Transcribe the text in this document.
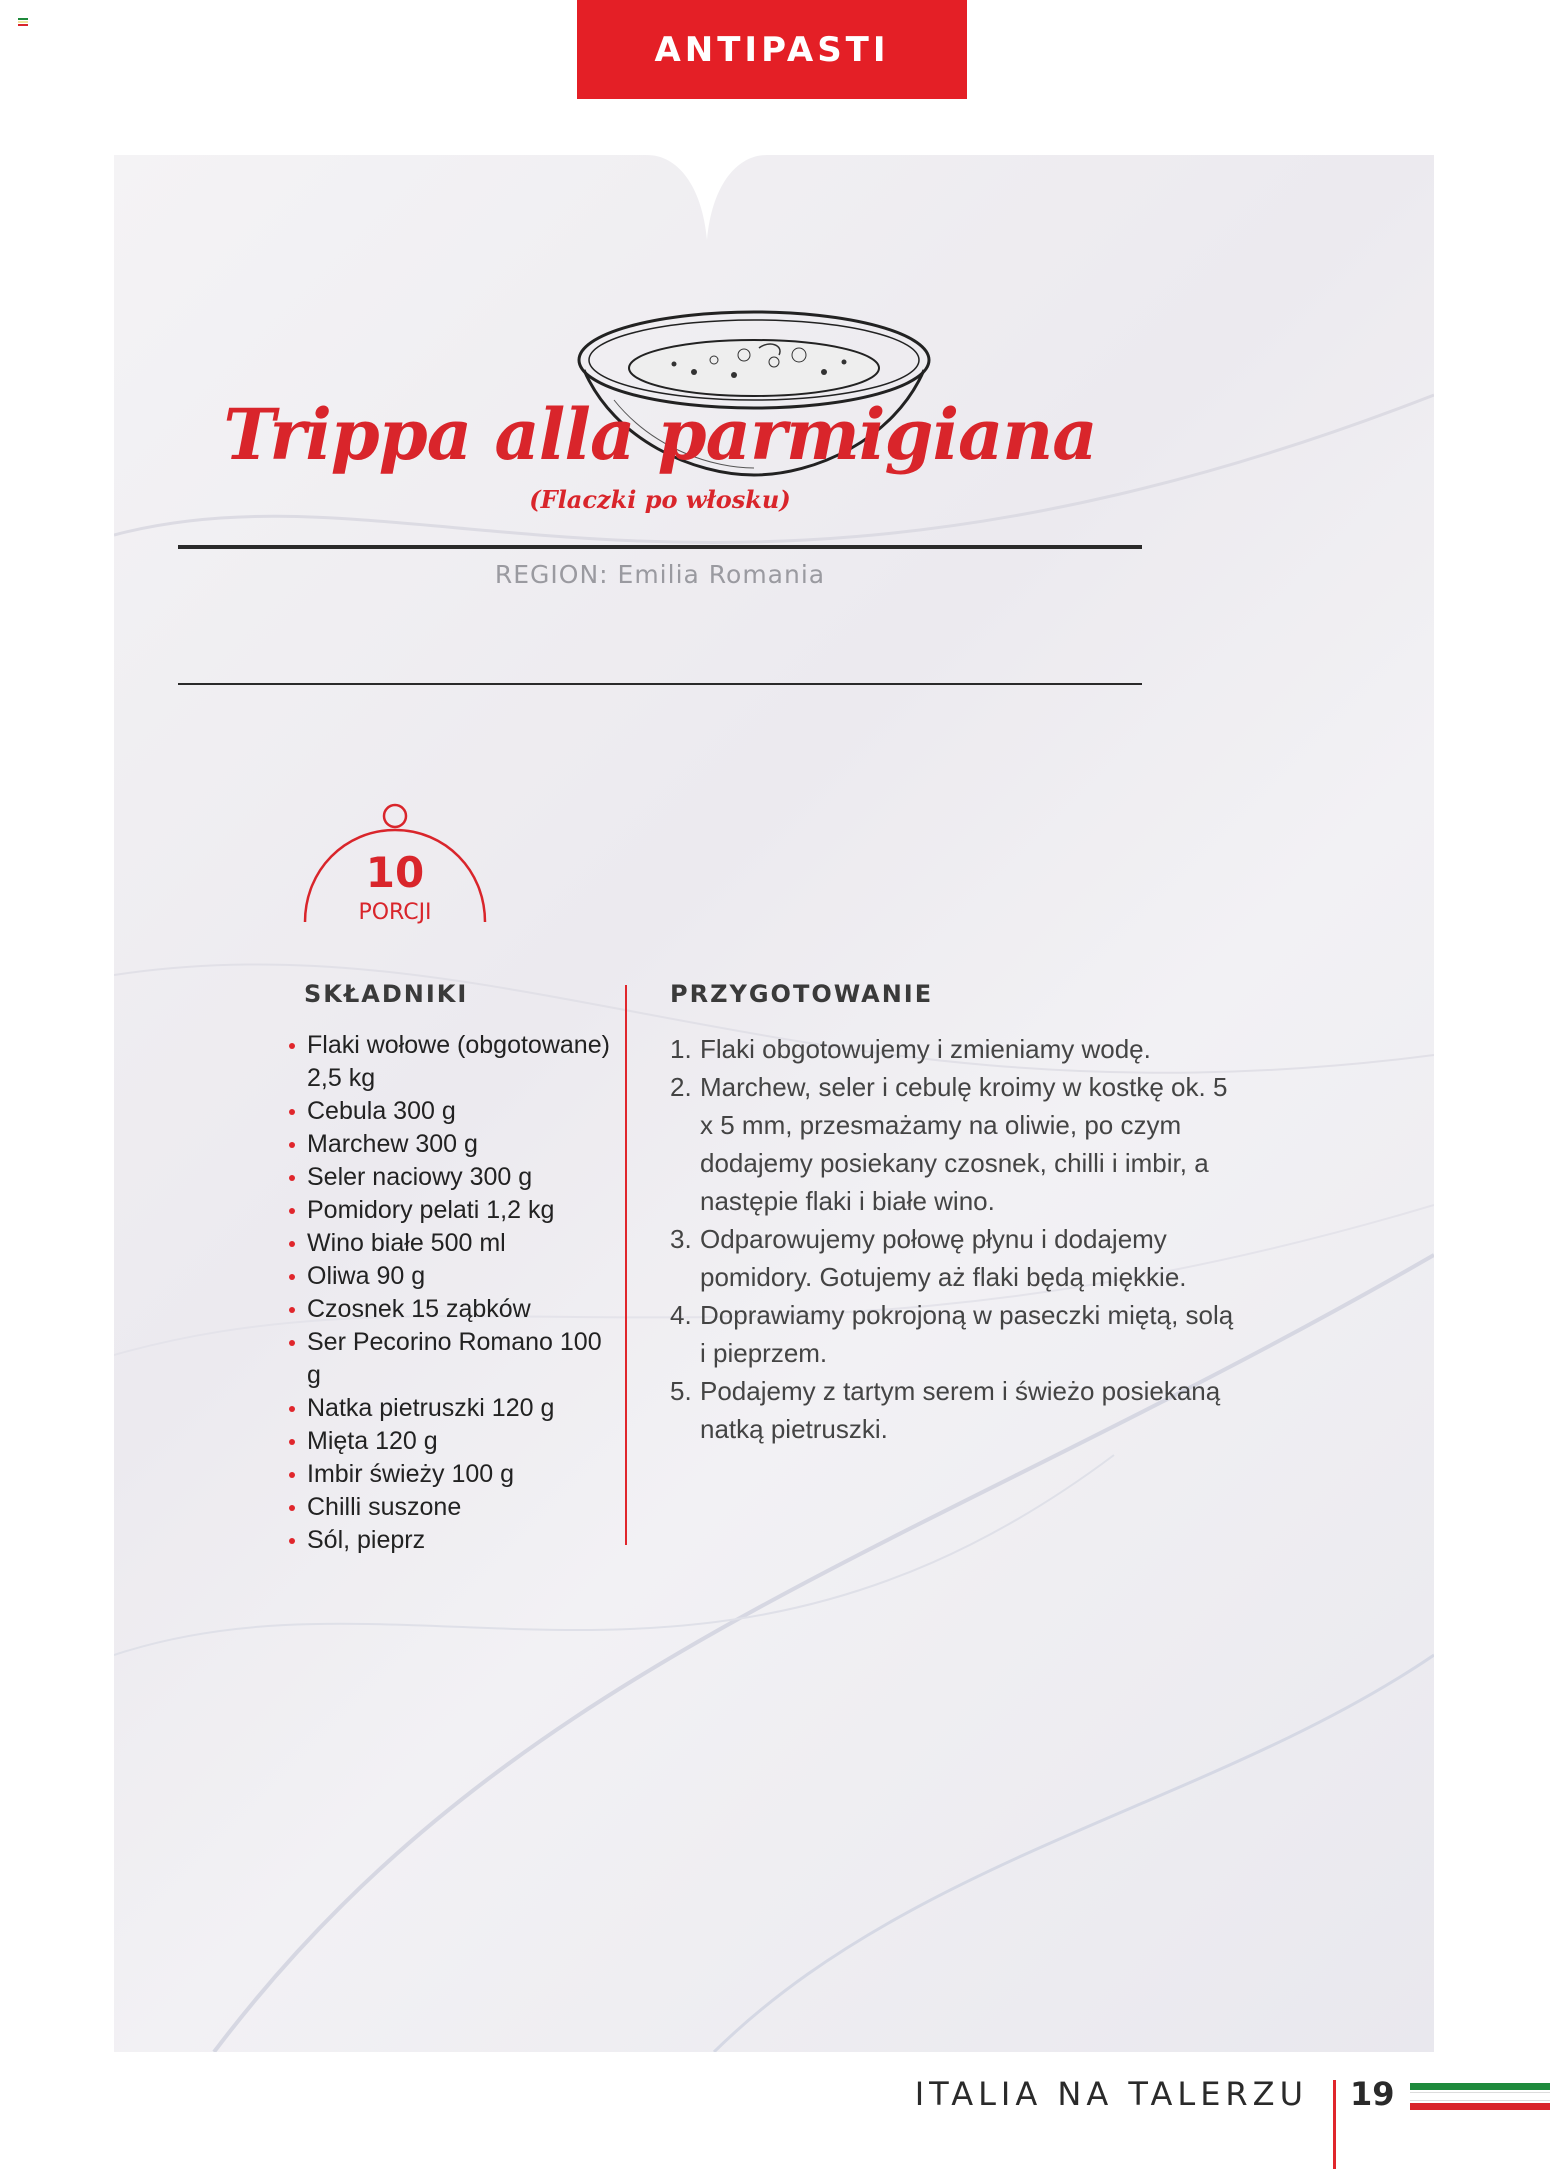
ANTIPASTI
Trippa alla parmigiana
(Flaczki po włosku)
REGION: Emilia Romania
10
PORCJI
SKŁADNIKI
Flaki wołowe (obgotowane) 2,5 kg
Cebula 300 g
Marchew 300 g
Seler naciowy 300 g
Pomidory pelati 1,2 kg
Wino białe 500 ml
Oliwa 90 g
Czosnek 15 ząbków
Ser Pecorino Romano 100 g
Natka pietruszki 120 g
Mięta 120 g
Imbir świeży 100 g
Chilli suszone
Sól, pieprz
PRZYGOTOWANIE
1. Flaki obgotowujemy i zmieniamy wodę.
2. Marchew, seler i cebulę kroimy w kostkę ok. 5 x 5 mm, przesmażamy na oliwie, po czym dodajemy posiekany czosnek, chilli i imbir, a następie flaki i białe wino.
3. Odparowujemy połowę płynu i dodajemy pomidory. Gotujemy aż flaki będą miękkie.
4. Doprawiamy pokrojoną w paseczki miętą, solą i pieprzem.
5. Podajemy z tartym serem i świeżo posiekaną natką pietruszki.
ITALIA NA TALERZU 19
